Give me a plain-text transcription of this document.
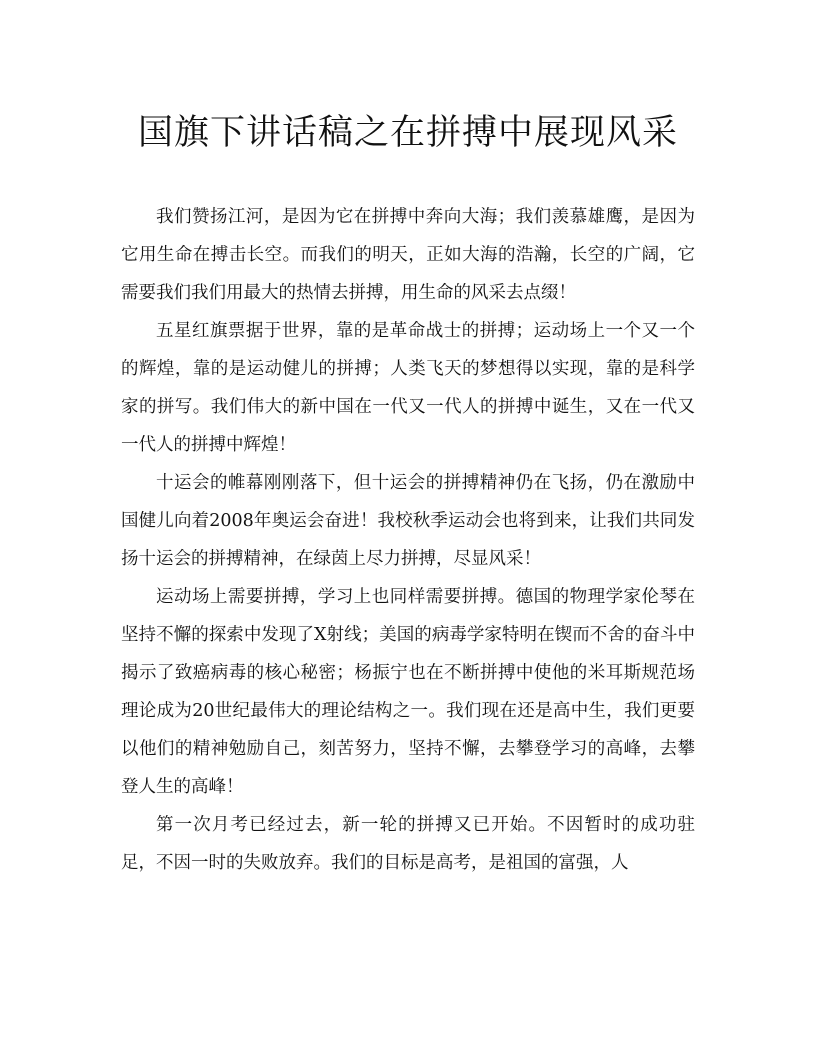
国旗下讲话稿之在拼搏中展现风采

我们赞扬江河，是因为它在拼搏中奔向大海；我们羡慕雄鹰，是因为它用生命在搏击长空。而我们的明天，正如大海的浩瀚，长空的广阔，它需要我们我们用最大的热情去拼搏，用生命的风采去点缀！

五星红旗票据于世界，靠的是革命战士的拼搏；运动场上一个又一个的辉煌，靠的是运动健儿的拼搏；人类飞天的梦想得以实现，靠的是科学家的拼写。我们伟大的新中国在一代又一代人的拼搏中诞生，又在一代又一代人的拼搏中辉煌！

十运会的帷幕刚刚落下，但十运会的拼搏精神仍在飞扬，仍在激励中国健儿向着2008年奥运会奋进！我校秋季运动会也将到来，让我们共同发扬十运会的拼搏精神，在绿茵上尽力拼搏，尽显风采！

运动场上需要拼搏，学习上也同样需要拼搏。德国的物理学家伦琴在坚持不懈的探索中发现了X射线；美国的病毒学家特明在锲而不舍的奋斗中揭示了致癌病毒的核心秘密；杨振宁也在不断拼搏中使他的米耳斯规范场理论成为20世纪最伟大的理论结构之一。我们现在还是高中生，我们更要以他们的精神勉励自己，刻苦努力，坚持不懈，去攀登学习的高峰，去攀登人生的高峰！

第一次月考已经过去，新一轮的拼搏又已开始。不因暂时的成功驻足，不因一时的失败放弃。我们的目标是高考，是祖国的富强，人
